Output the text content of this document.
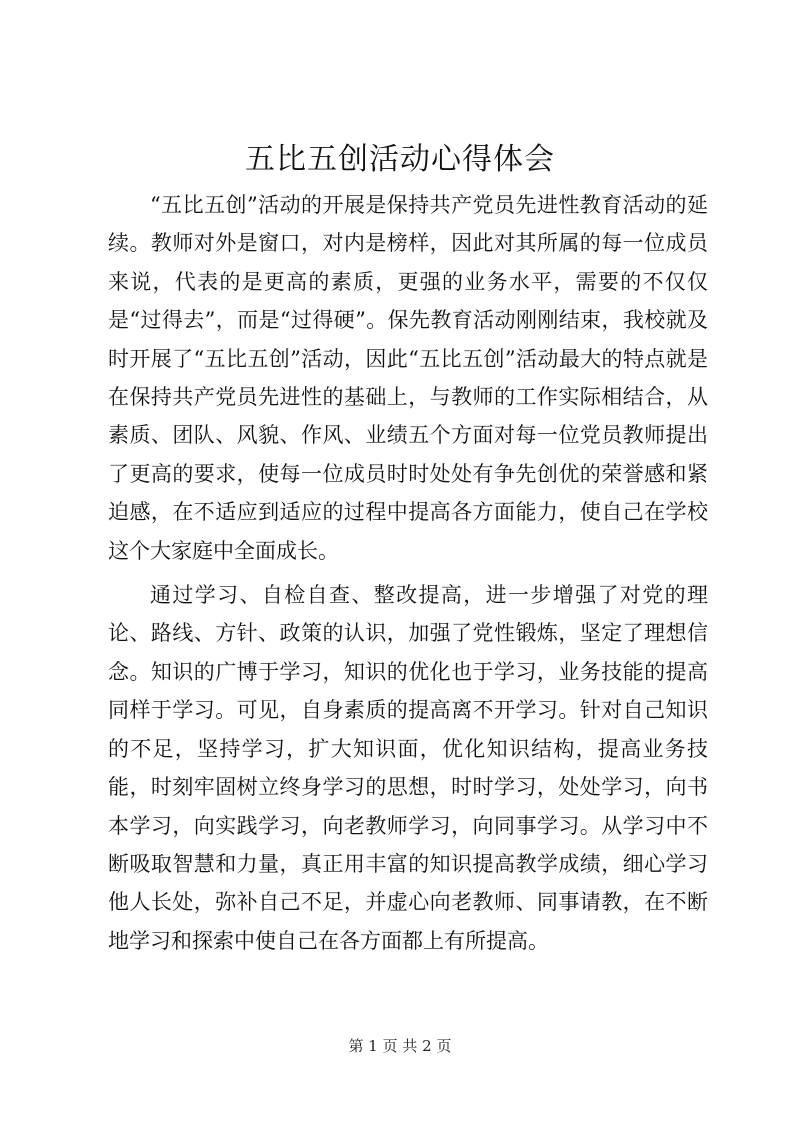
五比五创活动心得体会

“五比五创”活动的开展是保持共产党员先进性教育活动的延续。教师对外是窗口，对内是榜样，因此对其所属的每一位成员来说，代表的是更高的素质，更强的业务水平，需要的不仅仅是“过得去”，而是“过得硬”。保先教育活动刚刚结束，我校就及时开展了“五比五创”活动，因此“五比五创”活动最大的特点就是在保持共产党员先进性的基础上，与教师的工作实际相结合，从素质、团队、风貌、作风、业绩五个方面对每一位党员教师提出了更高的要求，使每一位成员时时处处有争先创优的荣誉感和紧迫感，在不适应到适应的过程中提高各方面能力，使自己在学校这个大家庭中全面成长。

通过学习、自检自查、整改提高，进一步增强了对党的理论、路线、方针、政策的认识，加强了党性锻炼，坚定了理想信念。知识的广博于学习，知识的优化也于学习，业务技能的提高同样于学习。可见，自身素质的提高离不开学习。针对自己知识的不足，坚持学习，扩大知识面，优化知识结构，提高业务技能，时刻牢固树立终身学习的思想，时时学习，处处学习，向书本学习，向实践学习，向老教师学习，向同事学习。从学习中不断吸取智慧和力量，真正用丰富的知识提高教学成绩，细心学习他人长处，弥补自己不足，并虚心向老教师、同事请教，在不断地学习和探索中使自己在各方面都上有所提高。

第 1 页 共 2 页
